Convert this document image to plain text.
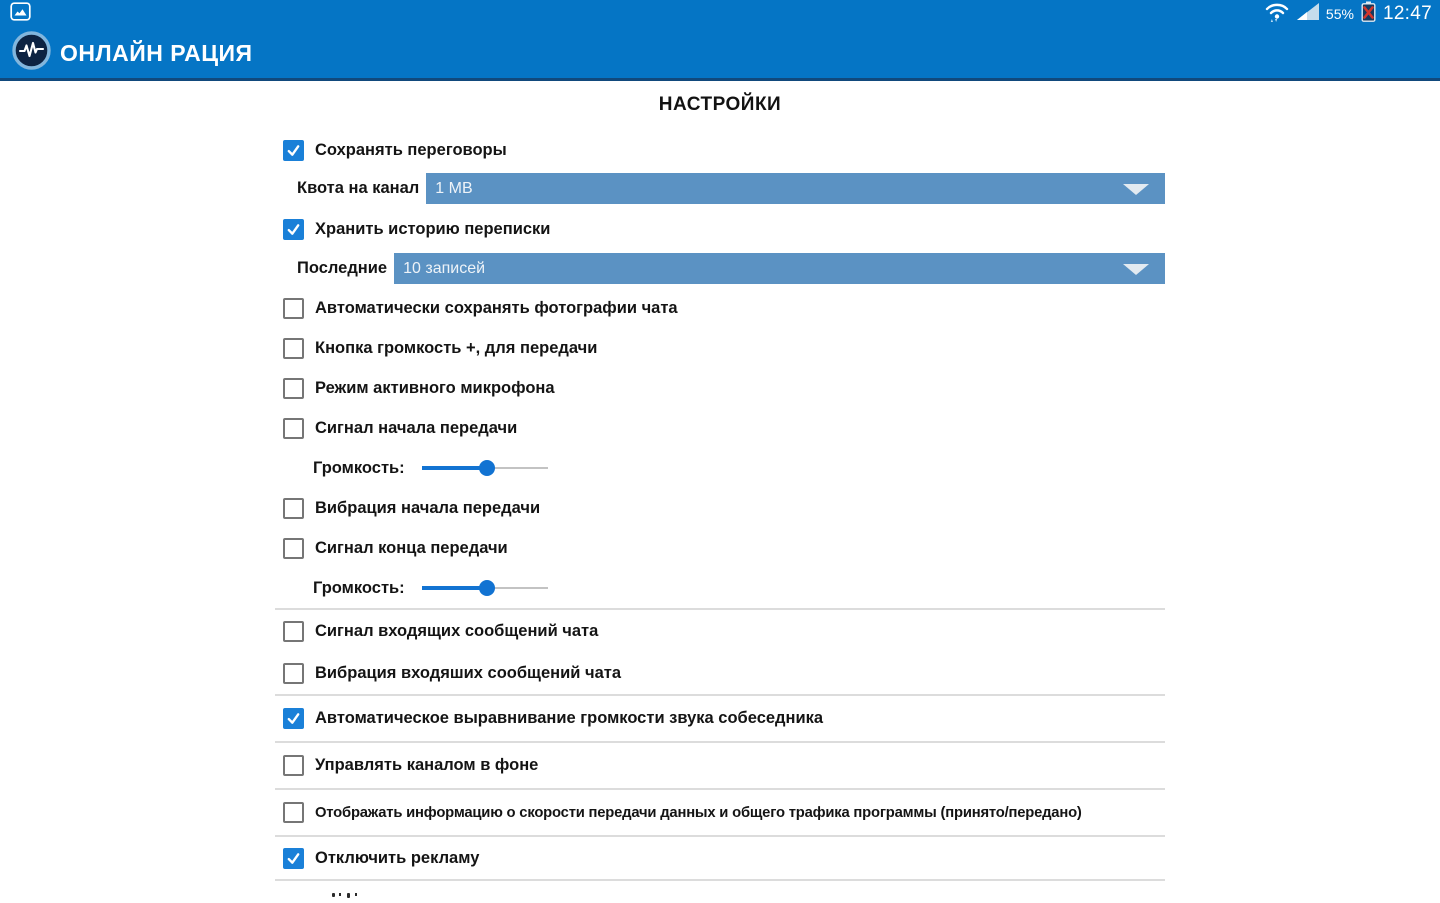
55% 12:47
ОНЛАЙН РАЦИЯ
НАСТРОЙКИ
Сохранять переговоры
Квота на канал 1 MB
Хранить историю переписки
Последние 10 записей
Автоматически сохранять фотографии чата
Кнопка громкость +, для передачи
Режим активного микрофона
Сигнал начала передачи
Громкость:
Вибрация начала передачи
Сигнал конца передачи
Громкость:
Сигнал входящих сообщений чата
Вибрация входяших сообщений чата
Автоматическое выравнивание громкости звука собеседника
Управлять каналом в фоне
Отображать информацию о скорости передачи данных и общего трафика программы (принято/передано)
Отключить рекламу
